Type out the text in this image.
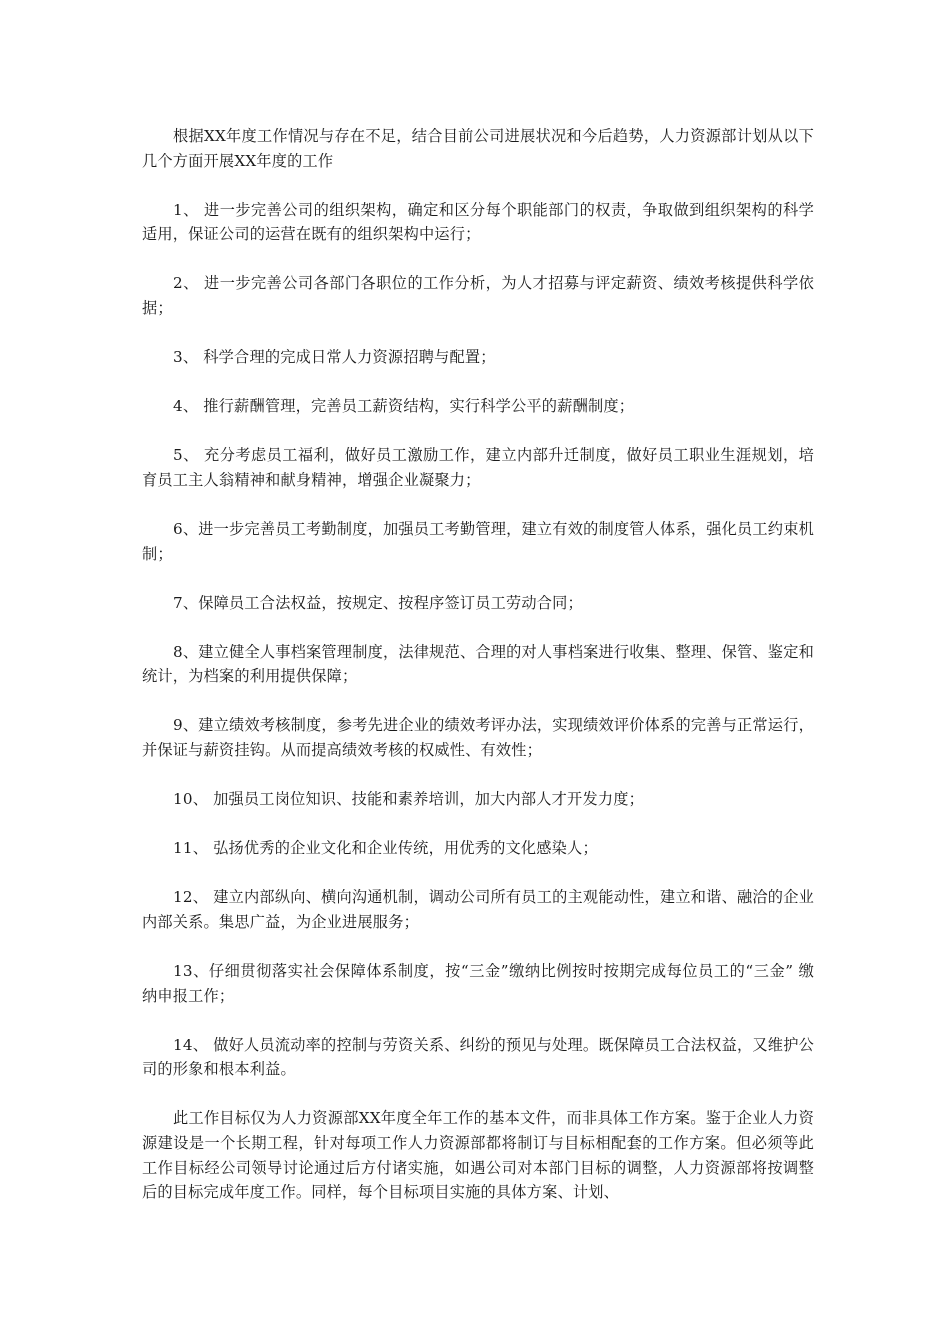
根据XX年度工作情况与存在不足，结合目前公司进展状况和今后趋势，人力资源部计划从以下几个方面开展XX年度的工作

1、 进一步完善公司的组织架构，确定和区分每个职能部门的权责，争取做到组织架构的科学适用，保证公司的运营在既有的组织架构中运行；

2、 进一步完善公司各部门各职位的工作分析，为人才招募与评定薪资、绩效考核提供科学依据；

3、 科学合理的完成日常人力资源招聘与配置；

4、 推行薪酬管理，完善员工薪资结构，实行科学公平的薪酬制度；

5、 充分考虑员工福利，做好员工激励工作，建立内部升迁制度，做好员工职业生涯规划，培育员工主人翁精神和献身精神，增强企业凝聚力；

6、进一步完善员工考勤制度，加强员工考勤管理，建立有效的制度管人体系，强化员工约束机制；

7、保障员工合法权益，按规定、按程序签订员工劳动合同；

8、建立健全人事档案管理制度，法律规范、合理的对人事档案进行收集、整理、保管、鉴定和统计，为档案的利用提供保障；

9、建立绩效考核制度，参考先进企业的绩效考评办法，实现绩效评价体系的完善与正常运行，并保证与薪资挂钩。从而提高绩效考核的权威性、有效性；

10、 加强员工岗位知识、技能和素养培训，加大内部人才开发力度；

11、 弘扬优秀的企业文化和企业传统，用优秀的文化感染人；

12、 建立内部纵向、横向沟通机制，调动公司所有员工的主观能动性，建立和谐、融洽的企业内部关系。集思广益，为企业进展服务；

13、仔细贯彻落实社会保障体系制度，按“三金”缴纳比例按时按期完成每位员工的“三金” 缴纳申报工作；

14、 做好人员流动率的控制与劳资关系、纠纷的预见与处理。既保障员工合法权益，又维护公司的形象和根本利益。

此工作目标仅为人力资源部XX年度全年工作的基本文件，而非具体工作方案。鉴于企业人力资源建设是一个长期工程，针对每项工作人力资源部都将制订与目标相配套的工作方案。但必须等此工作目标经公司领导讨论通过后方付诸实施，如遇公司对本部门目标的调整，人力资源部将按调整后的目标完成年度工作。同样，每个目标项目实施的具体方案、计划、
